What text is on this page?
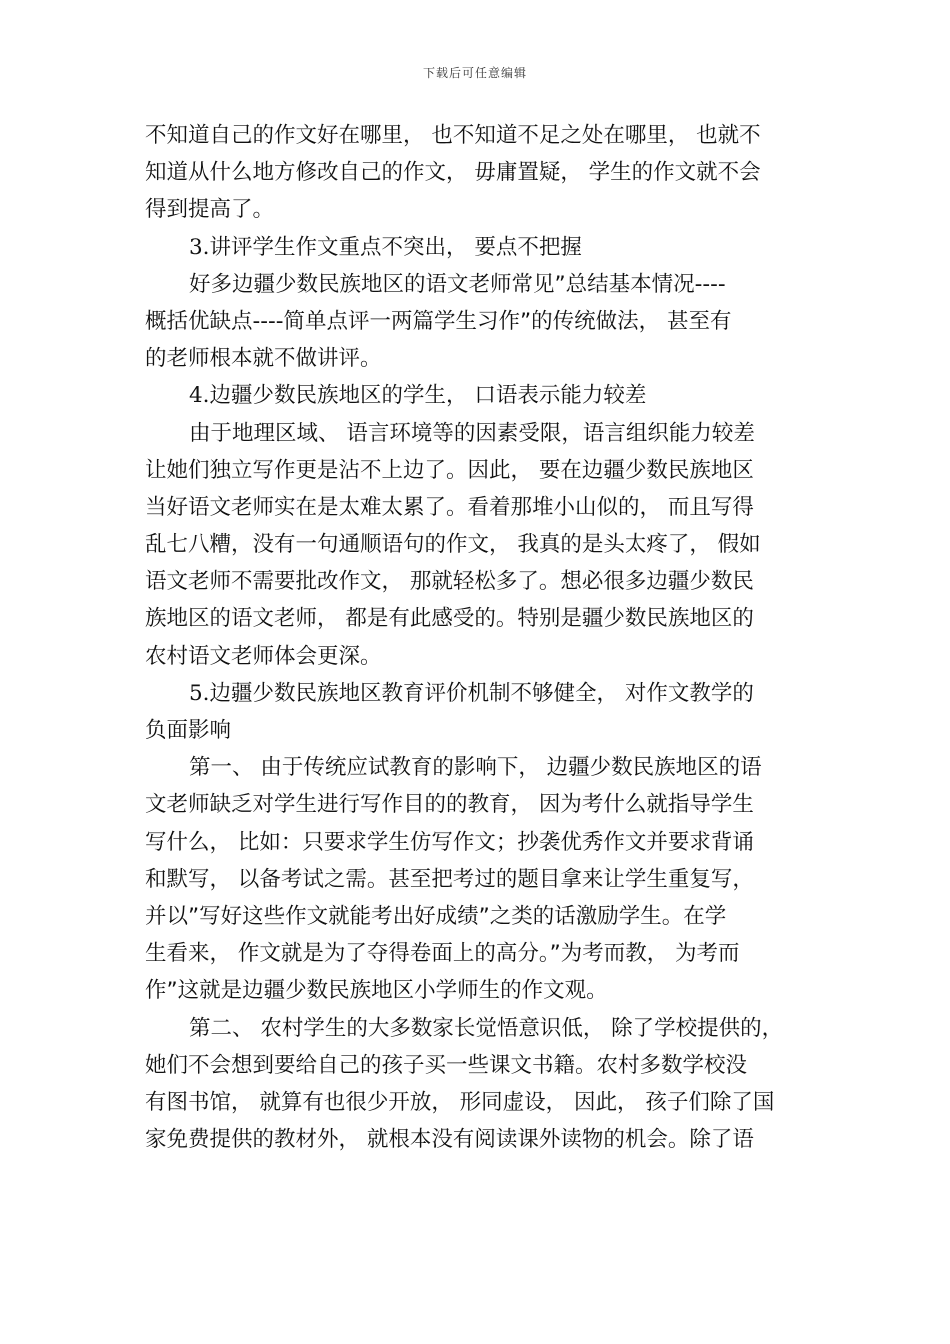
下载后可任意编辑
不知道自己的作文好在哪里， 也不知道不足之处在哪里， 也就不
知道从什么地方修改自己的作文， 毋庸置疑， 学生的作文就不会
得到提高了。
3.讲评学生作文重点不突出， 要点不把握
好多边疆少数民族地区的语文老师常见”总结基本情况----
概括优缺点----简单点评一两篇学生习作”的传统做法， 甚至有
的老师根本就不做讲评。
4.边疆少数民族地区的学生， 口语表示能力较差
由于地理区域、 语言环境等的因素受限，语言组织能力较差
让她们独立写作更是沾不上边了。因此， 要在边疆少数民族地区
当好语文老师实在是太难太累了。看着那堆小山似的， 而且写得
乱七八糟，没有一句通顺语句的作文， 我真的是头太疼了， 假如
语文老师不需要批改作文， 那就轻松多了。想必很多边疆少数民
族地区的语文老师， 都是有此感受的。特别是疆少数民族地区的
农村语文老师体会更深。
5.边疆少数民族地区教育评价机制不够健全， 对作文教学的
负面影响
第一、 由于传统应试教育的影响下， 边疆少数民族地区的语
文老师缺乏对学生进行写作目的的教育， 因为考什么就指导学生
写什么， 比如：只要求学生仿写作文；抄袭优秀作文并要求背诵
和默写， 以备考试之需。甚至把考过的题目拿来让学生重复写，
并以”写好这些作文就能考出好成绩”之类的话激励学生。在学
生看来， 作文就是为了夺得卷面上的高分。”为考而教， 为考而
作”这就是边疆少数民族地区小学师生的作文观。
第二、 农村学生的大多数家长觉悟意识低， 除了学校提供的，
她们不会想到要给自己的孩子买一些课文书籍。农村多数学校没
有图书馆， 就算有也很少开放， 形同虚设， 因此， 孩子们除了国
家免费提供的教材外， 就根本没有阅读课外读物的机会。除了语
